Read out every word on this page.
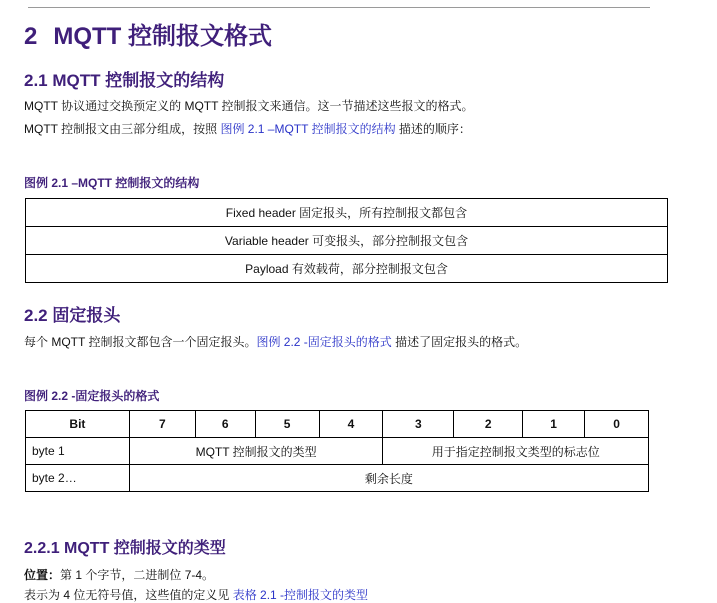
2 MQTT 控制报文格式
2.1 MQTT 控制报文的结构

MQTT 协议通过交换预定义的 MQTT 控制报文来通信。这一节描述这些报文的格式。

MQTT 控制报文由三部分组成，按照 图例 2.1 –MQTT 控制报文的结构 描述的顺序：

图例 2.1 –MQTT 控制报文的结构

Fixed header 固定报头，所有控制报文都包含
Variable header 可变报头，部分控制报文包含
Payload 有效载荷，部分控制报文包含
2.2 固定报头

每个 MQTT 控制报文都包含一个固定报头。图例 2.2 -固定报头的格式 描述了固定报头的格式。

图例 2.2 -固定报头的格式

Bit	7	6	5	4	3	2	1	0
byte 1	MQTT 控制报文的类型				用于指定控制报文类型的标志位			
byte 2…	剩余长度							
2.2.1 MQTT 控制报文的类型

位置：第 1 个字节，二进制位 7-4。

表示为 4 位无符号值，这些值的定义见 表格 2.1 -控制报文的类型
